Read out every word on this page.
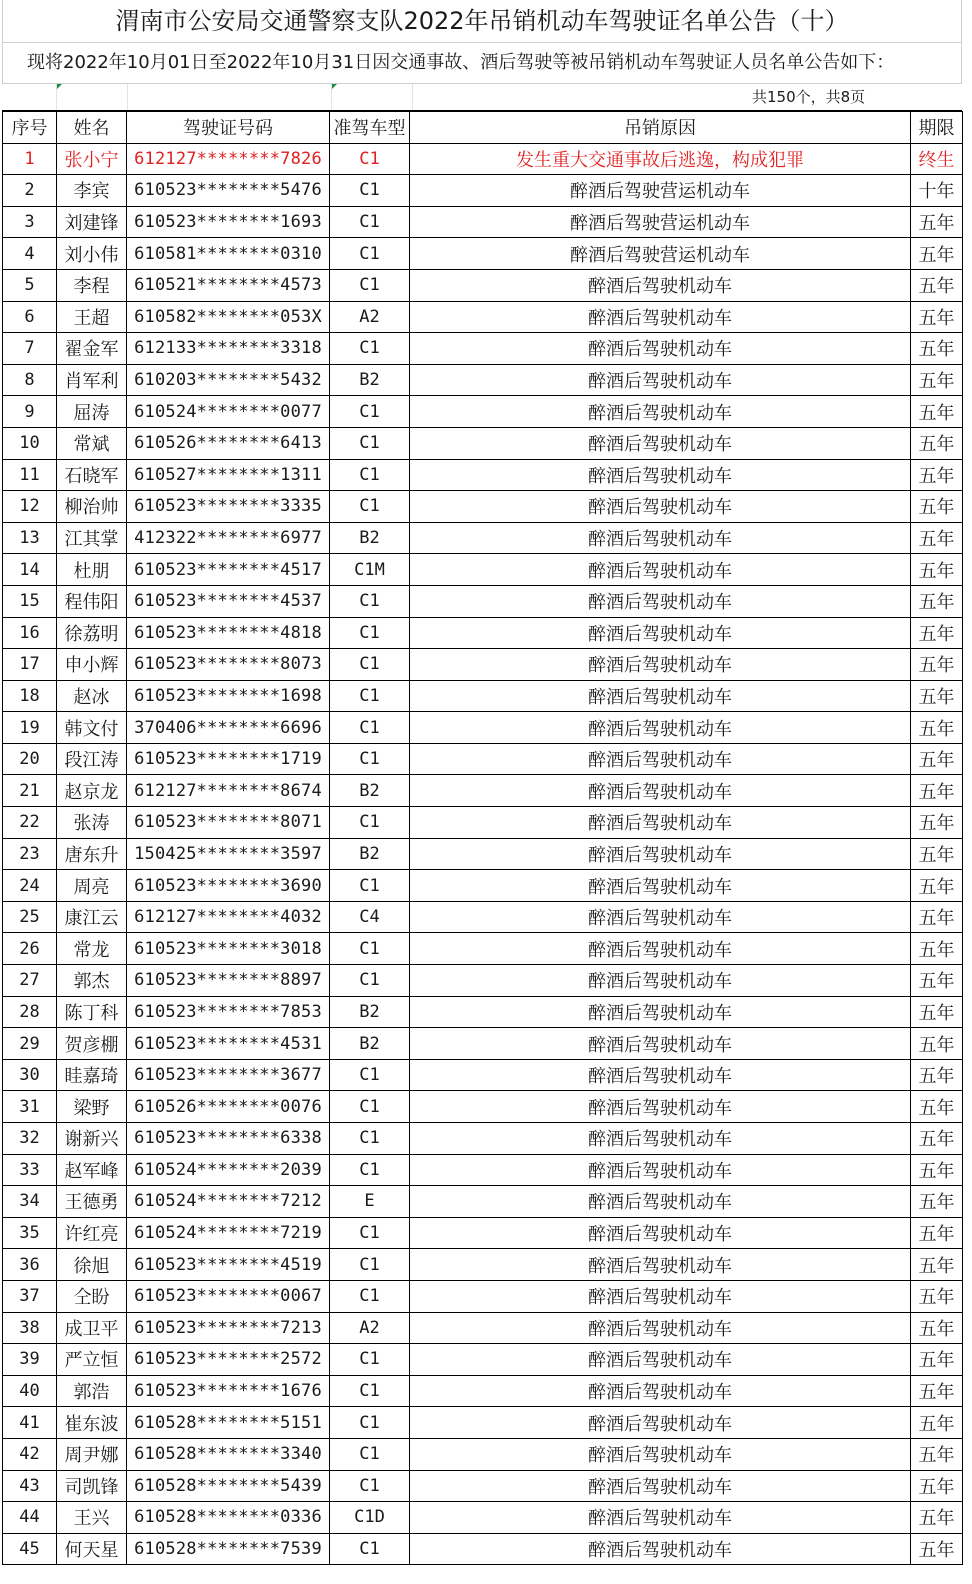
渭南市公安局交通警察支队2022年吊销机动车驾驶证名单公告（十）
现将2022年10月01日至2022年10月31日因交通事故、酒后驾驶等被吊销机动车驾驶证人员名单公告如下：
共150个，共8页
序号	姓名	驾驶证号码	准驾车型	吊销原因	期限
1	张小宁	612127********7826	C1	发生重大交通事故后逃逸，构成犯罪	终生
2	李宾	610523********5476	C1	醉酒后驾驶营运机动车	十年
3	刘建锋	610523********1693	C1	醉酒后驾驶营运机动车	五年
4	刘小伟	610581********0310	C1	醉酒后驾驶营运机动车	五年
5	李程	610521********4573	C1	醉酒后驾驶机动车	五年
6	王超	610582********053X	A2	醉酒后驾驶机动车	五年
7	翟金军	612133********3318	C1	醉酒后驾驶机动车	五年
8	肖军利	610203********5432	B2	醉酒后驾驶机动车	五年
9	屈涛	610524********0077	C1	醉酒后驾驶机动车	五年
10	常斌	610526********6413	C1	醉酒后驾驶机动车	五年
11	石晓军	610527********1311	C1	醉酒后驾驶机动车	五年
12	柳治帅	610523********3335	C1	醉酒后驾驶机动车	五年
13	江其掌	412322********6977	B2	醉酒后驾驶机动车	五年
14	杜朋	610523********4517	C1M	醉酒后驾驶机动车	五年
15	程伟阳	610523********4537	C1	醉酒后驾驶机动车	五年
16	徐荔明	610523********4818	C1	醉酒后驾驶机动车	五年
17	申小辉	610523********8073	C1	醉酒后驾驶机动车	五年
18	赵冰	610523********1698	C1	醉酒后驾驶机动车	五年
19	韩文付	370406********6696	C1	醉酒后驾驶机动车	五年
20	段江涛	610523********1719	C1	醉酒后驾驶机动车	五年
21	赵京龙	612127********8674	B2	醉酒后驾驶机动车	五年
22	张涛	610523********8071	C1	醉酒后驾驶机动车	五年
23	唐东升	150425********3597	B2	醉酒后驾驶机动车	五年
24	周亮	610523********3690	C1	醉酒后驾驶机动车	五年
25	康江云	612127********4032	C4	醉酒后驾驶机动车	五年
26	常龙	610523********3018	C1	醉酒后驾驶机动车	五年
27	郭杰	610523********8897	C1	醉酒后驾驶机动车	五年
28	陈丁科	610523********7853	B2	醉酒后驾驶机动车	五年
29	贺彦棚	610523********4531	B2	醉酒后驾驶机动车	五年
30	眭嘉琦	610523********3677	C1	醉酒后驾驶机动车	五年
31	梁野	610526********0076	C1	醉酒后驾驶机动车	五年
32	谢新兴	610523********6338	C1	醉酒后驾驶机动车	五年
33	赵军峰	610524********2039	C1	醉酒后驾驶机动车	五年
34	王德勇	610524********7212	E	醉酒后驾驶机动车	五年
35	许红亮	610524********7219	C1	醉酒后驾驶机动车	五年
36	徐旭	610523********4519	C1	醉酒后驾驶机动车	五年
37	仝盼	610523********0067	C1	醉酒后驾驶机动车	五年
38	成卫平	610523********7213	A2	醉酒后驾驶机动车	五年
39	严立恒	610523********2572	C1	醉酒后驾驶机动车	五年
40	郭浩	610523********1676	C1	醉酒后驾驶机动车	五年
41	崔东波	610528********5151	C1	醉酒后驾驶机动车	五年
42	周尹娜	610528********3340	C1	醉酒后驾驶机动车	五年
43	司凯锋	610528********5439	C1	醉酒后驾驶机动车	五年
44	王兴	610528********0336	C1D	醉酒后驾驶机动车	五年
45	何天星	610528********7539	C1	醉酒后驾驶机动车	五年
